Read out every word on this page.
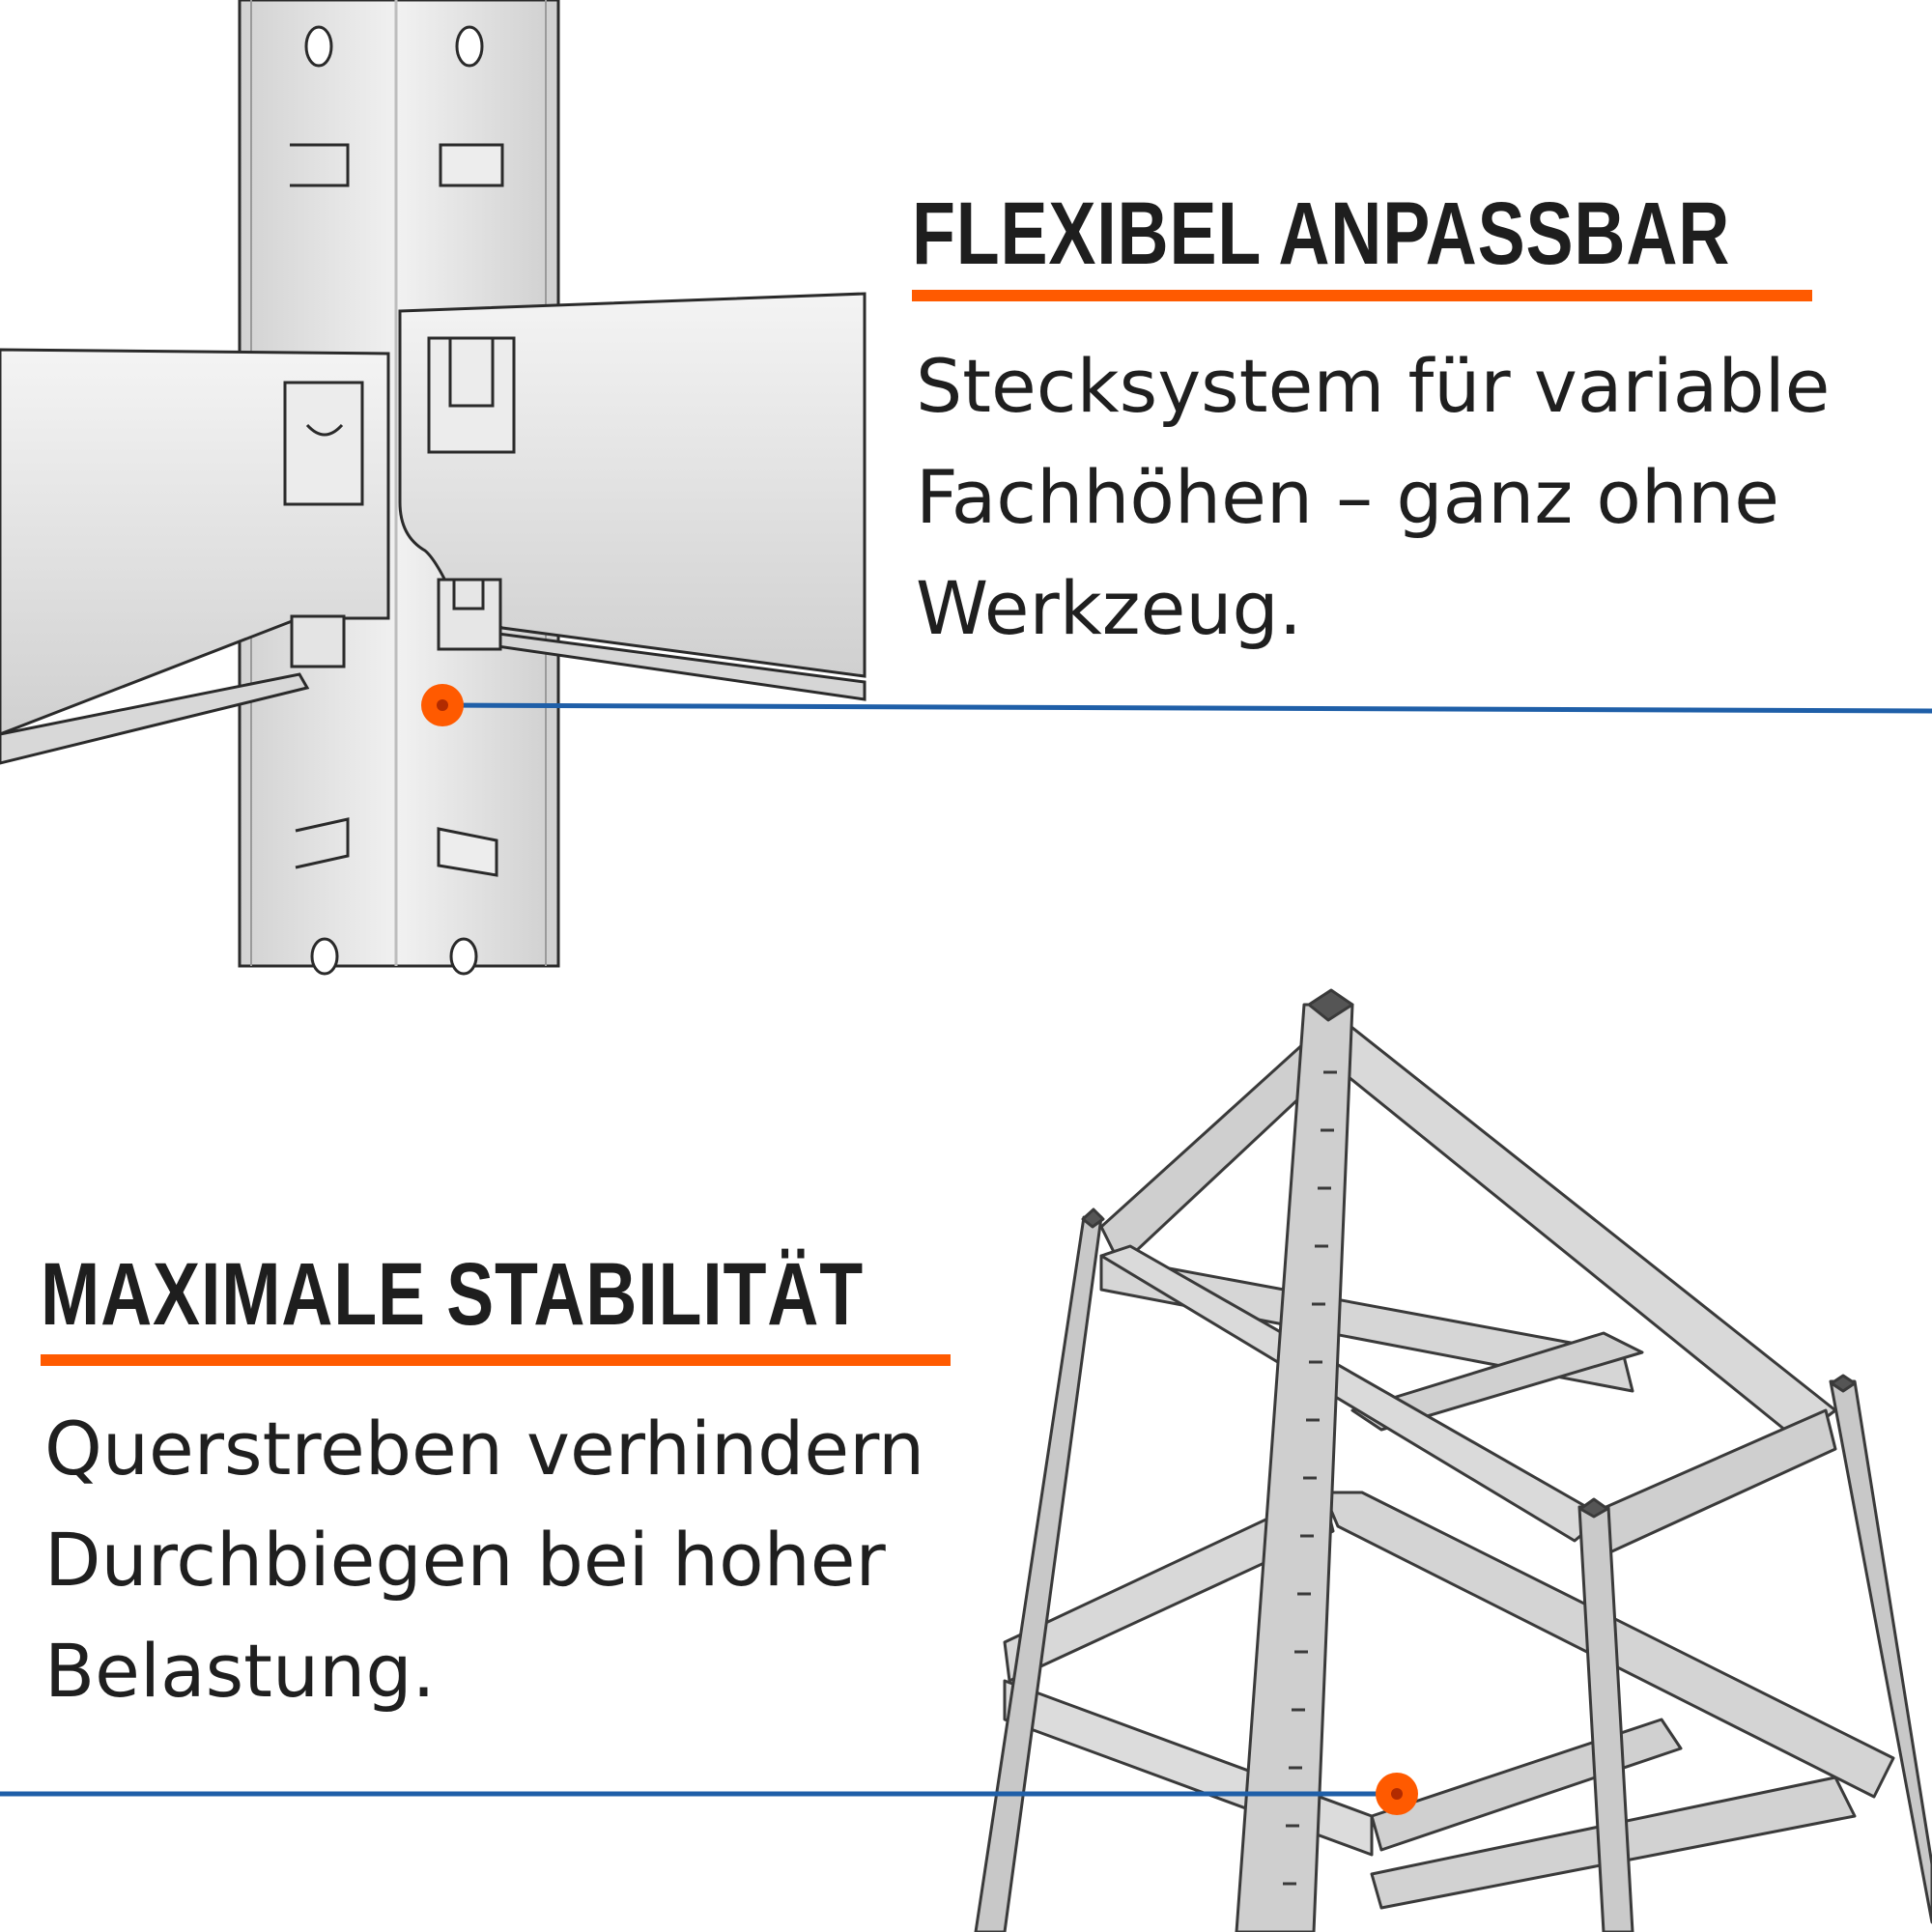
FLEXIBEL ANPASSBAR

Stecksystem für variable
Fachhöhen – ganz ohne
Werkzeug.

MAXIMALE STABILITÄT

Querstreben verhindern
Durchbiegen bei hoher
Belastung.
